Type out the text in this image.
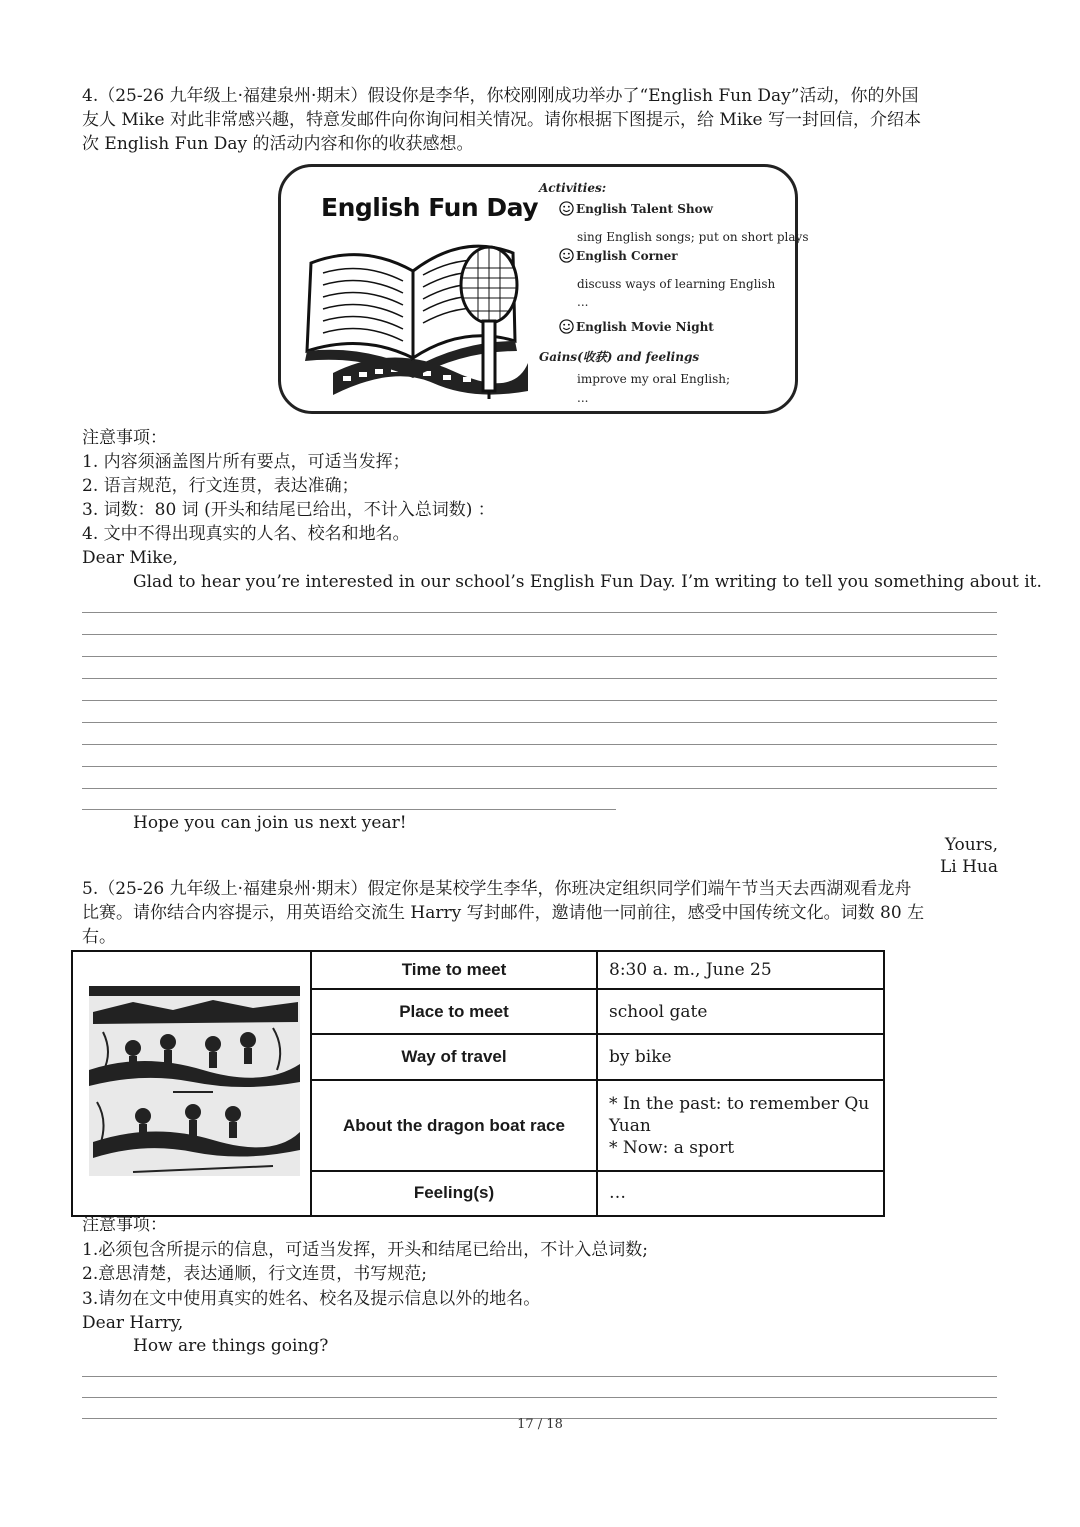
4.（25-26 九年级上·福建泉州·期末）假设你是李华，你校刚刚成功举办了“English Fun Day”活动，你的外国
友人 Mike 对此非常感兴趣，特意发邮件向你询问相关情况。请你根据下图提示，给 Mike 写一封回信，介绍本
次 English Fun Day 的活动内容和你的收获感想。
English Fun Day
Activities:
English Talent Show
sing English songs; put on short plays
English Corner
discuss ways of learning English
...
English Movie Night
Gains(收获) and feelings
improve my oral English;
...
注意事项：
1. 内容须涵盖图片所有要点，可适当发挥；
2. 语言规范，行文连贯，表达准确；
3. 词数：80 词 (开头和结尾已给出，不计入总词数) ：
4. 文中不得出现真实的人名、校名和地名。
Dear Mike,
Glad to hear you’re interested in our school’s English Fun Day. I’m writing to tell you something about it.
Hope you can join us next year!
Yours,
Li Hua
5.（25-26 九年级上·福建泉州·期末）假定你是某校学生李华，你班决定组织同学们端午节当天去西湖观看龙舟
比赛。请你结合内容提示，用英语给交流生 Harry 写封邮件，邀请他一同前往，感受中国传统文化。词数 80 左
右。
	Time to meet	8:30 a. m., June 25
	Place to meet	school gate
	Way of travel	by bike
	About the dragon boat race	* In the past: to remember Qu Yuan
* Now: a sport

	Feeling(s)	…
注意事项：
1.必须包含所提示的信息，可适当发挥，开头和结尾已给出，不计入总词数;
2.意思清楚，表达通顺，行文连贯，书写规范;
3.请勿在文中使用真实的姓名、校名及提示信息以外的地名。
Dear Harry,
How are things going?
17 / 18
